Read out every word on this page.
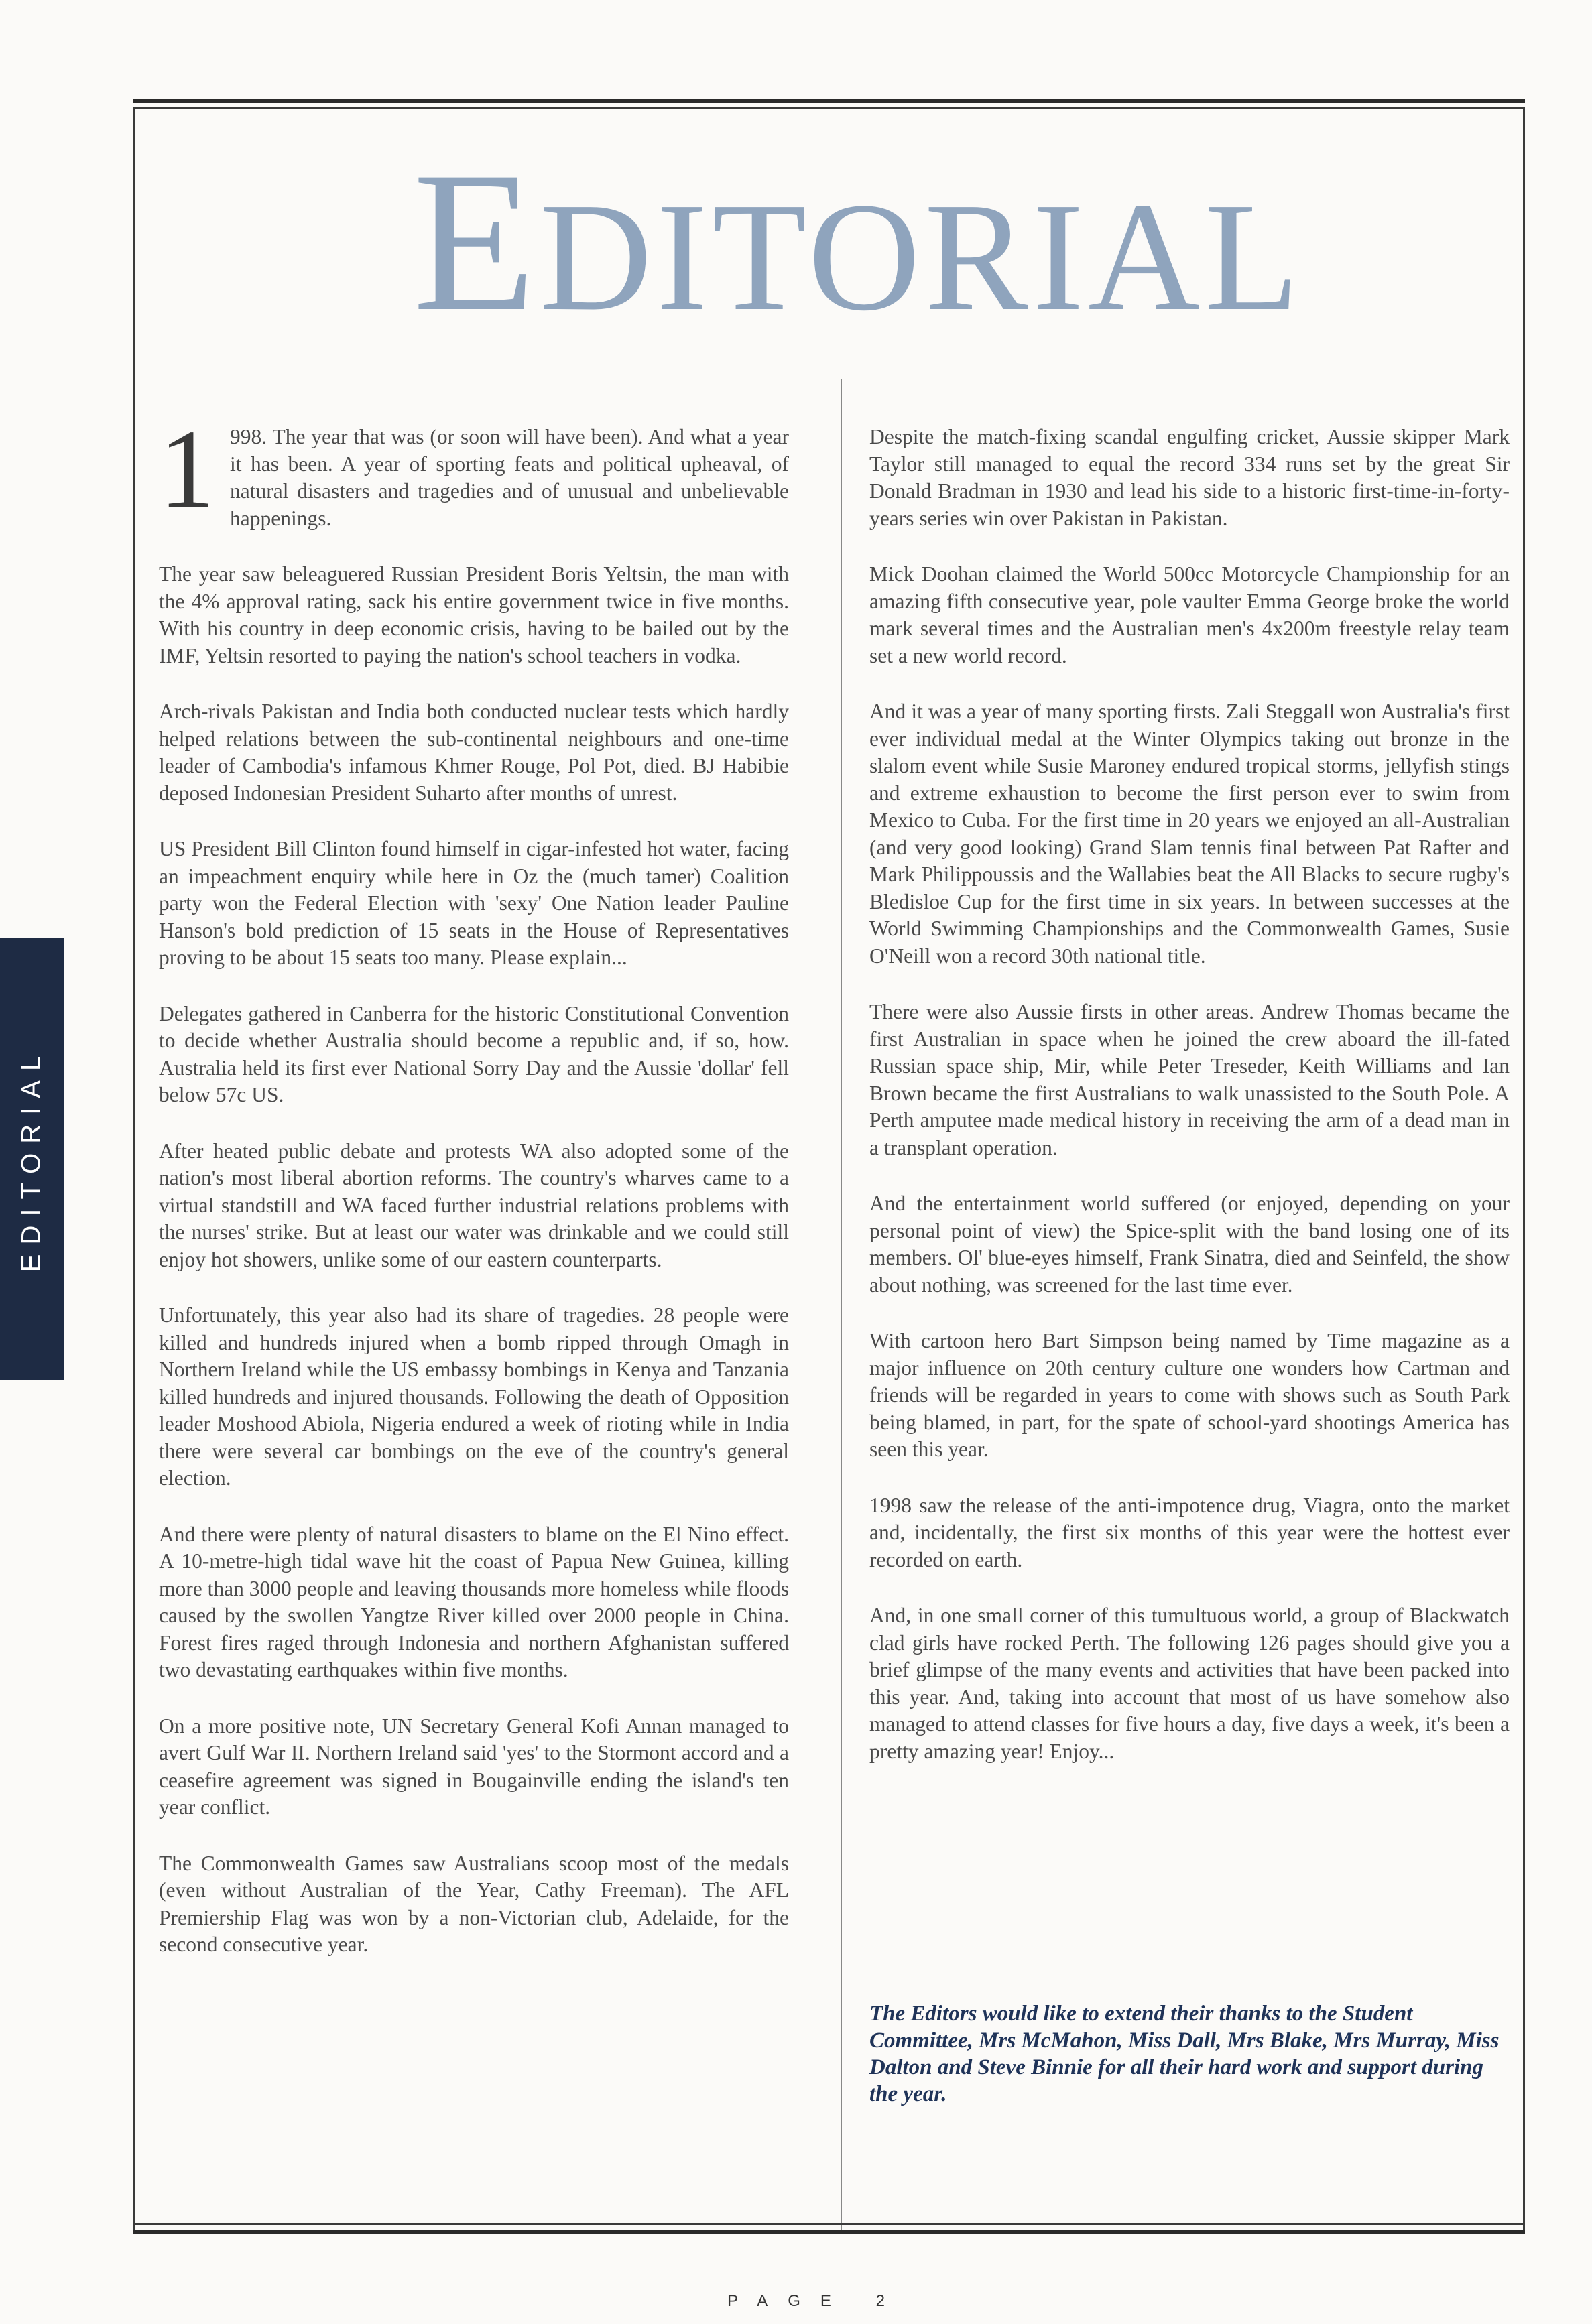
EDITORIAL
EDITORIAL

1 998. The year that was (or soon will have been). And what a year it has been. A year of sporting feats and political upheaval, of natural disasters and tragedies and of unusual and unbelievable happenings.

The year saw beleaguered Russian President Boris Yeltsin, the man with the 4% approval rating, sack his entire government twice in five months. With his country in deep economic crisis, having to be bailed out by the IMF, Yeltsin resorted to paying the nation's school teachers in vodka.

Arch-rivals Pakistan and India both conducted nuclear tests which hardly helped relations between the sub-continental neighbours and one-time leader of Cambodia's infamous Khmer Rouge, Pol Pot, died. BJ Habibie deposed Indonesian President Suharto after months of unrest.

US President Bill Clinton found himself in cigar-infested hot water, facing an impeachment enquiry while here in Oz the (much tamer) Coalition party won the Federal Election with 'sexy' One Nation leader Pauline Hanson's bold prediction of 15 seats in the House of Representatives proving to be about 15 seats too many. Please explain...

Delegates gathered in Canberra for the historic Constitutional Convention to decide whether Australia should become a republic and, if so, how. Australia held its first ever National Sorry Day and the Aussie 'dollar' fell below 57c US.

After heated public debate and protests WA also adopted some of the nation's most liberal abortion reforms. The country's wharves came to a virtual standstill and WA faced further industrial relations problems with the nurses' strike. But at least our water was drinkable and we could still enjoy hot showers, unlike some of our eastern counterparts.

Unfortunately, this year also had its share of tragedies. 28 people were killed and hundreds injured when a bomb ripped through Omagh in Northern Ireland while the US embassy bombings in Kenya and Tanzania killed hundreds and injured thousands. Following the death of Opposition leader Moshood Abiola, Nigeria endured a week of rioting while in India there were several car bombings on the eve of the country's general election.

And there were plenty of natural disasters to blame on the El Nino effect. A 10-metre-high tidal wave hit the coast of Papua New Guinea, killing more than 3000 people and leaving thousands more homeless while floods caused by the swollen Yangtze River killed over 2000 people in China. Forest fires raged through Indonesia and northern Afghanistan suffered two devastating earthquakes within five months.

On a more positive note, UN Secretary General Kofi Annan managed to avert Gulf War II. Northern Ireland said 'yes' to the Stormont accord and a ceasefire agreement was signed in Bougainville ending the island's ten year conflict.

The Commonwealth Games saw Australians scoop most of the medals (even without Australian of the Year, Cathy Freeman). The AFL Premiership Flag was won by a non-Victorian club, Adelaide, for the second consecutive year.

Despite the match-fixing scandal engulfing cricket, Aussie skipper Mark Taylor still managed to equal the record 334 runs set by the great Sir Donald Bradman in 1930 and lead his side to a historic first-time-in-forty-years series win over Pakistan in Pakistan.

Mick Doohan claimed the World 500cc Motorcycle Championship for an amazing fifth consecutive year, pole vaulter Emma George broke the world mark several times and the Australian men's 4x200m freestyle relay team set a new world record.

And it was a year of many sporting firsts. Zali Steggall won Australia's first ever individual medal at the Winter Olympics taking out bronze in the slalom event while Susie Maroney endured tropical storms, jellyfish stings and extreme exhaustion to become the first person ever to swim from Mexico to Cuba. For the first time in 20 years we enjoyed an all-Australian (and very good looking) Grand Slam tennis final between Pat Rafter and Mark Philippoussis and the Wallabies beat the All Blacks to secure rugby's Bledisloe Cup for the first time in six years. In between successes at the World Swimming Championships and the Commonwealth Games, Susie O'Neill won a record 30th national title.

There were also Aussie firsts in other areas. Andrew Thomas became the first Australian in space when he joined the crew aboard the ill-fated Russian space ship, Mir, while Peter Treseder, Keith Williams and Ian Brown became the first Australians to walk unassisted to the South Pole. A Perth amputee made medical history in receiving the arm of a dead man in a transplant operation.

And the entertainment world suffered (or enjoyed, depending on your personal point of view) the Spice-split with the band losing one of its members. Ol' blue-eyes himself, Frank Sinatra, died and Seinfeld, the show about nothing, was screened for the last time ever.

With cartoon hero Bart Simpson being named by Time magazine as a major influence on 20th century culture one wonders how Cartman and friends will be regarded in years to come with shows such as South Park being blamed, in part, for the spate of school-yard shootings America has seen this year.

1998 saw the release of the anti-impotence drug, Viagra, onto the market and, incidentally, the first six months of this year were the hottest ever recorded on earth.

And, in one small corner of this tumultuous world, a group of Blackwatch clad girls have rocked Perth. The following 126 pages should give you a brief glimpse of the many events and activities that have been packed into this year. And, taking into account that most of us have somehow also managed to attend classes for five hours a day, five days a week, it's been a pretty amazing year! Enjoy...

The Editors would like to extend their thanks to the Student Committee, Mrs McMahon, Miss Dall, Mrs Blake, Mrs Murray, Miss Dalton and Steve Binnie for all their hard work and support during the year.

PAGE 2
